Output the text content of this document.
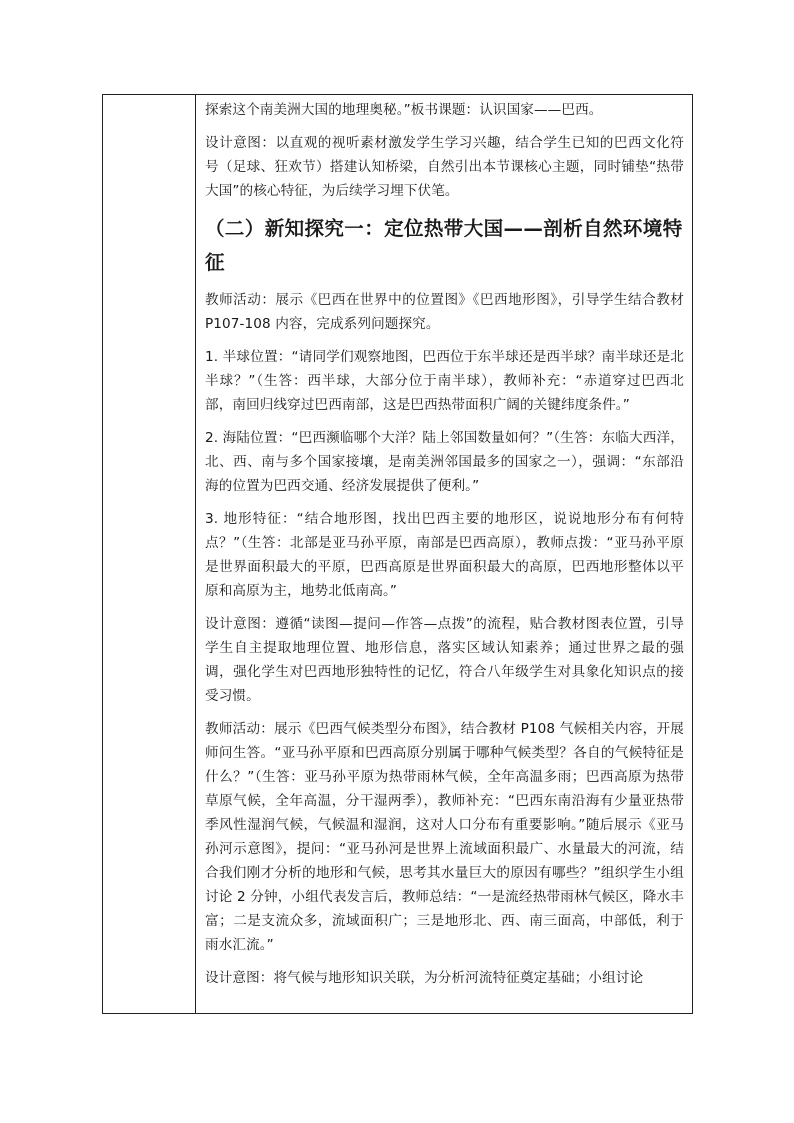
探索这个南美洲大国的地理奥秘。”板书课题：认识国家——巴西。

设计意图：以直观的视听素材激发学生学习兴趣，结合学生已知的巴西文化符号（足球、狂欢节）搭建认知桥梁，自然引出本节课核心主题，同时铺垫“热带大国”的核心特征，为后续学习埋下伏笔。

（二）新知探究一：定位热带大国——剖析自然环境特征

教师活动：展示《巴西在世界中的位置图》《巴西地形图》，引导学生结合教材 P107-108 内容，完成系列问题探究。

1. 半球位置：“请同学们观察地图，巴西位于东半球还是西半球？南半球还是北半球？”（生答：西半球，大部分位于南半球），教师补充：“赤道穿过巴西北部，南回归线穿过巴西南部，这是巴西热带面积广阔的关键纬度条件。”

2. 海陆位置：“巴西濒临哪个大洋？陆上邻国数量如何？”（生答：东临大西洋，北、西、南与多个国家接壤，是南美洲邻国最多的国家之一），强调：“东部沿海的位置为巴西交通、经济发展提供了便利。”

3. 地形特征：“结合地形图，找出巴西主要的地形区，说说地形分布有何特点？”（生答：北部是亚马孙平原，南部是巴西高原），教师点拨：“亚马孙平原是世界面积最大的平原，巴西高原是世界面积最大的高原，巴西地形整体以平原和高原为主，地势北低南高。”

设计意图：遵循“读图—提问—作答—点拨”的流程，贴合教材图表位置，引导学生自主提取地理位置、地形信息，落实区域认知素养；通过世界之最的强调，强化学生对巴西地形独特性的记忆，符合八年级学生对具象化知识点的接受习惯。

教师活动：展示《巴西气候类型分布图》，结合教材 P108 气候相关内容，开展师问生答。“亚马孙平原和巴西高原分别属于哪种气候类型？各自的气候特征是什么？”（生答：亚马孙平原为热带雨林气候，全年高温多雨；巴西高原为热带草原气候，全年高温，分干湿两季），教师补充：“巴西东南沿海有少量亚热带季风性湿润气候，气候温和湿润，这对人口分布有重要影响。”随后展示《亚马孙河示意图》，提问：“亚马孙河是世界上流域面积最广、水量最大的河流，结合我们刚才分析的地形和气候，思考其水量巨大的原因有哪些？”组织学生小组讨论 2 分钟，小组代表发言后，教师总结：“一是流经热带雨林气候区，降水丰富；二是支流众多，流域面积广；三是地形北、西、南三面高，中部低，利于雨水汇流。”

设计意图：将气候与地形知识关联，为分析河流特征奠定基础；小组讨论
